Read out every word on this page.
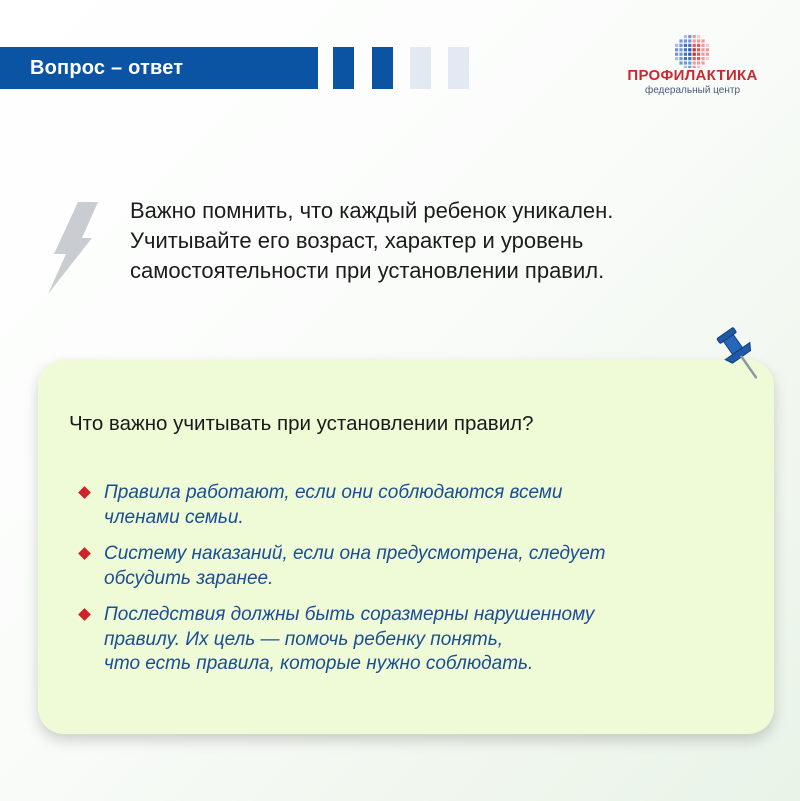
Вопрос – ответ	ПРОФИЛАКТИКА
федеральный центр
Важно помнить, что каждый ребенок уникален.
Учитывайте его возраст, характер и уровень
самостоятельности при установлении правил.
Что важно учитывать при установлении правил?
Правила работают, если они соблюдаются всеми
членами семьи.
Систему наказаний, если она предусмотрена, следует
обсудить заранее.
Последствия должны быть соразмерны нарушенному
правилу. Их цель — помочь ребенку понять,
что есть правила, которые нужно соблюдать.
